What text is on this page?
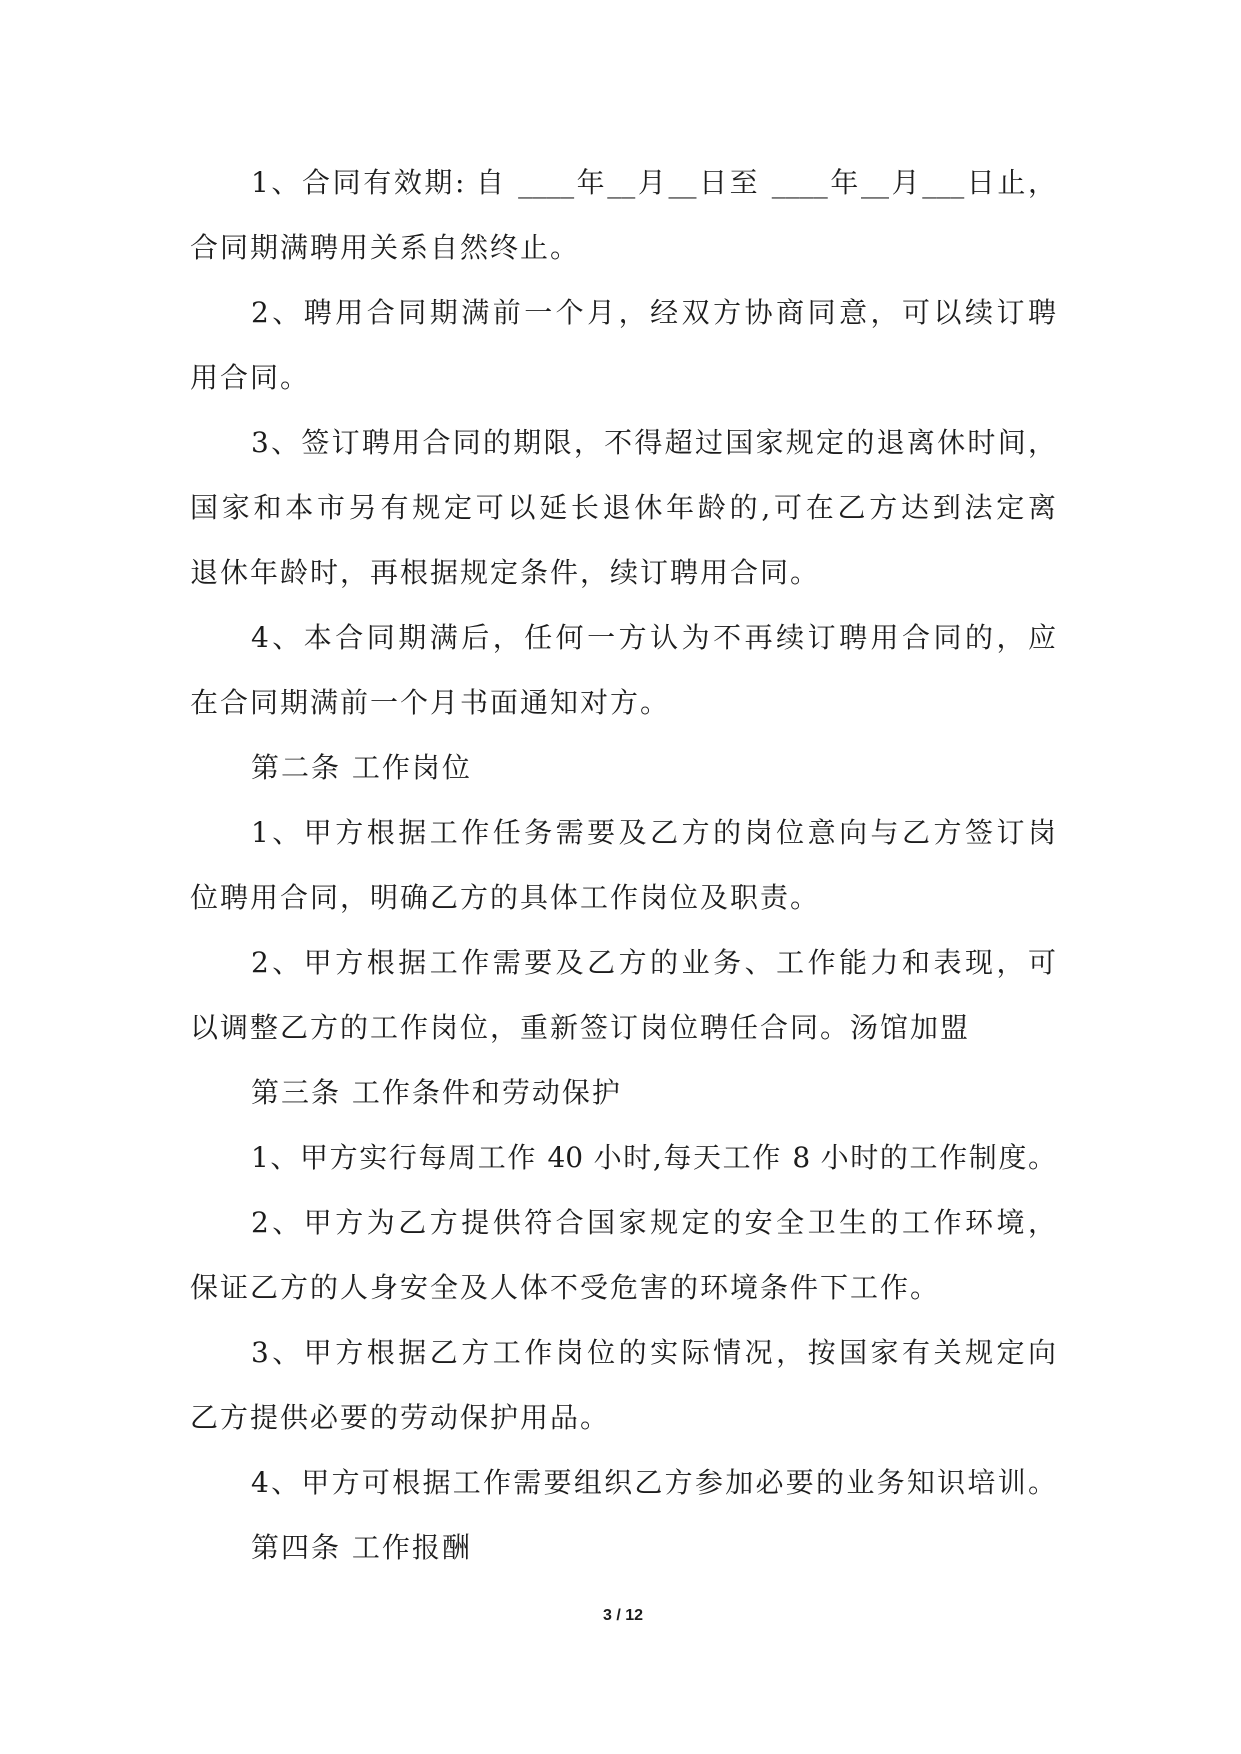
1、合同有效期: 自 ____年__月__日至 ____年__月___日止，
合同期满聘用关系自然终止。
2、聘用合同期满前一个月，经双方协商同意，可以续订聘
用合同。
3、签订聘用合同的期限，不得超过国家规定的退离休时间，
国家和本市另有规定可以延长退休年龄的,可在乙方达到法定离
退休年龄时，再根据规定条件，续订聘用合同。
4、本合同期满后，任何一方认为不再续订聘用合同的，应
在合同期满前一个月书面通知对方。
第二条 工作岗位
1、甲方根据工作任务需要及乙方的岗位意向与乙方签订岗
位聘用合同，明确乙方的具体工作岗位及职责。
2、甲方根据工作需要及乙方的业务、工作能力和表现，可
以调整乙方的工作岗位，重新签订岗位聘任合同。汤馆加盟
第三条 工作条件和劳动保护
1、甲方实行每周工作 40 小时,每天工作 8 小时的工作制度。
2、甲方为乙方提供符合国家规定的安全卫生的工作环境，
保证乙方的人身安全及人体不受危害的环境条件下工作。
3、甲方根据乙方工作岗位的实际情况，按国家有关规定向
乙方提供必要的劳动保护用品。
4、甲方可根据工作需要组织乙方参加必要的业务知识培训。
第四条 工作报酬
3 / 12
